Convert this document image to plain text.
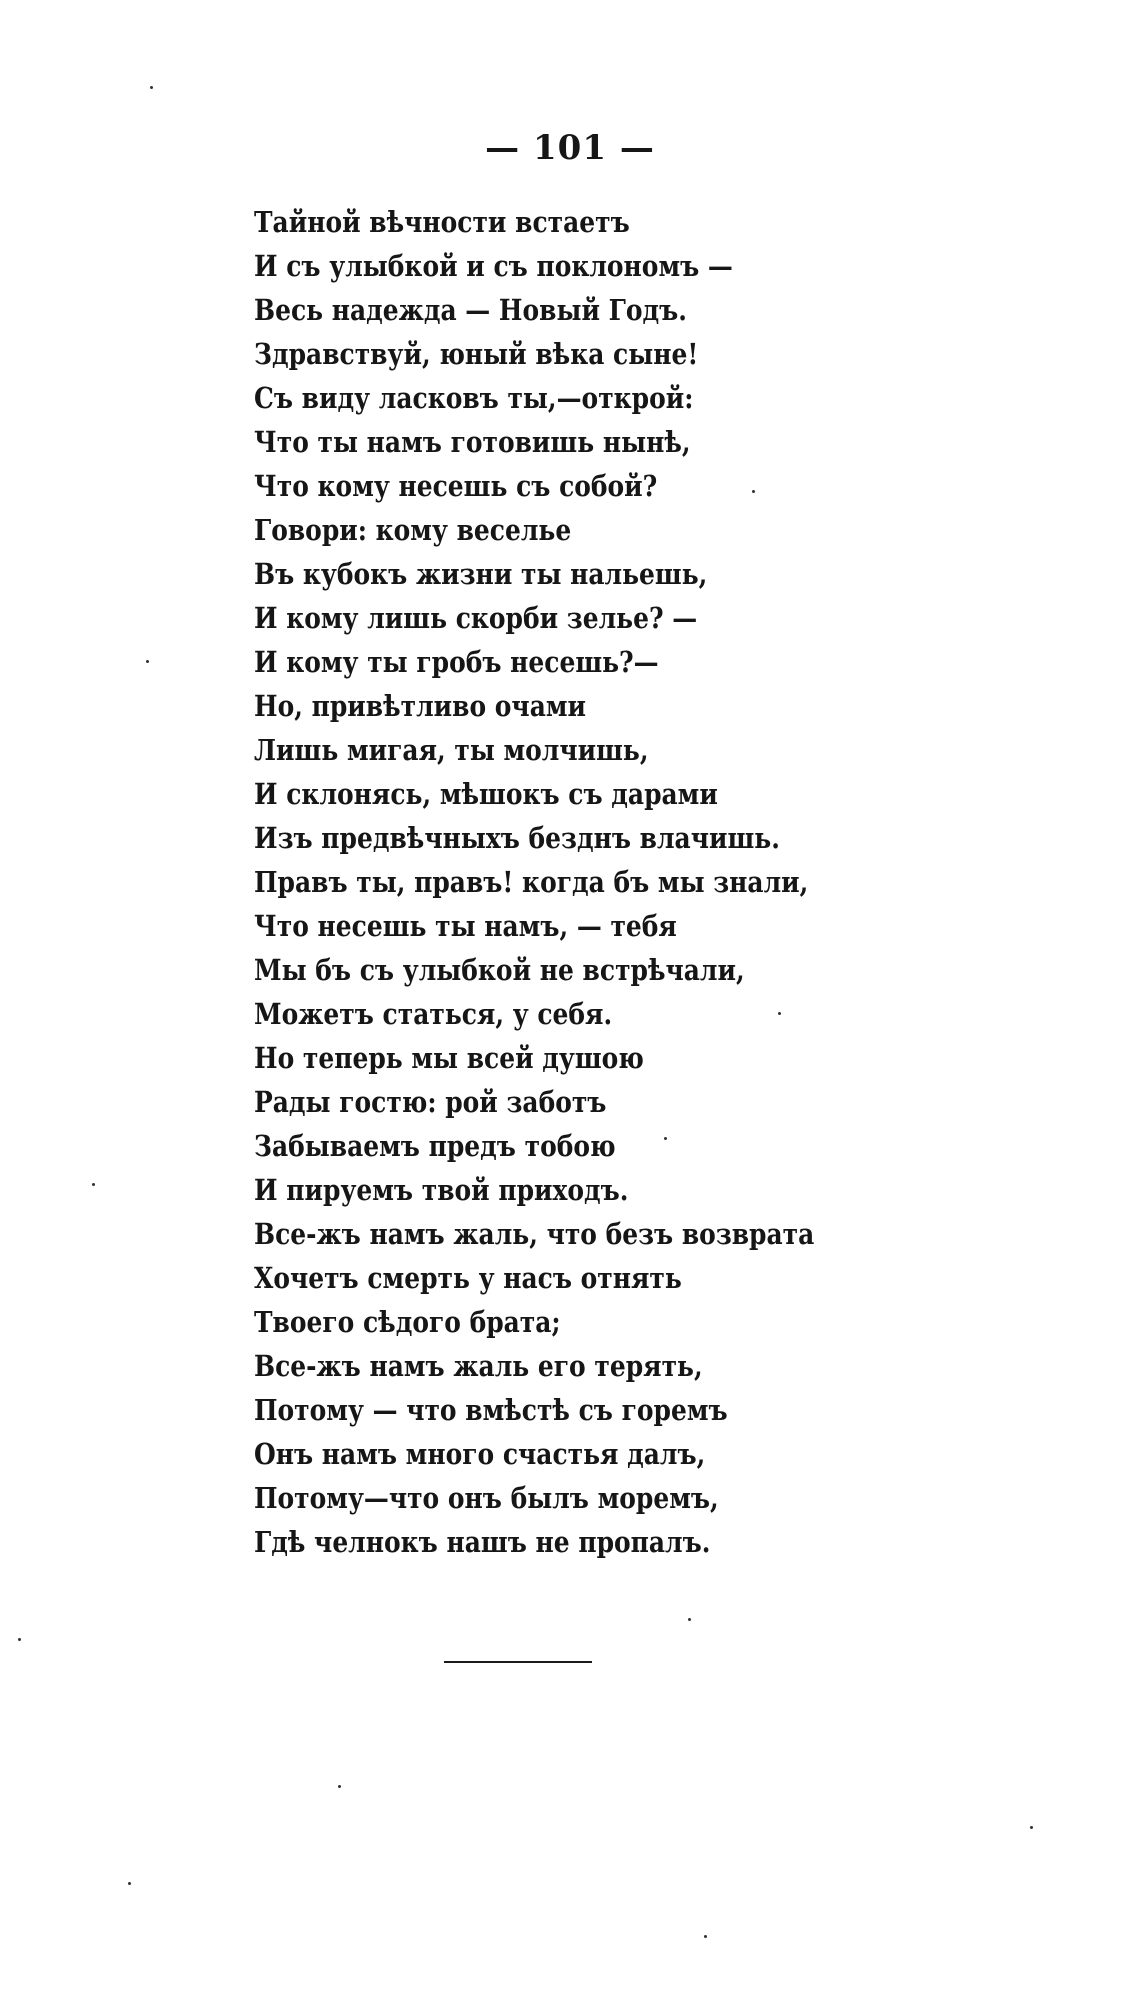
— 101 —
Тайной вѣчности встаетъ
И съ улыбкой и съ поклономъ —
Весь надежда — Новый Годъ.
Здравствуй, юный вѣка сыне!
Съ виду ласковъ ты,—открой:
Что ты намъ готовишь нынѣ,
Что кому несешь съ собой?
Говори: кому веселье
Въ кубокъ жизни ты нальешь,
И кому лишь скорби зелье? —
И кому ты гробъ несешь?—
Но, привѣтливо очами
Лишь мигая, ты молчишь,
И склонясь, мѣшокъ съ дарами
Изъ предвѣчныхъ безднъ влачишь.
Правъ ты, правъ! когда бъ мы знали,
Что несешь ты намъ, — тебя
Мы бъ съ улыбкой не встрѣчали,
Можетъ статься, у себя.
Но теперь мы всей душою
Рады гостю: рой заботъ
Забываемъ предъ тобою
И пируемъ твой приходъ.
Все-жъ намъ жаль, что безъ возврата
Хочетъ смерть у насъ отнять
Твоего сѣдого брата;
Все-жъ намъ жаль его терять,
Потому — что вмѣстѣ съ горемъ
Онъ намъ много счастья далъ,
Потому—что онъ былъ моремъ,
Гдѣ челнокъ нашъ не пропалъ.
